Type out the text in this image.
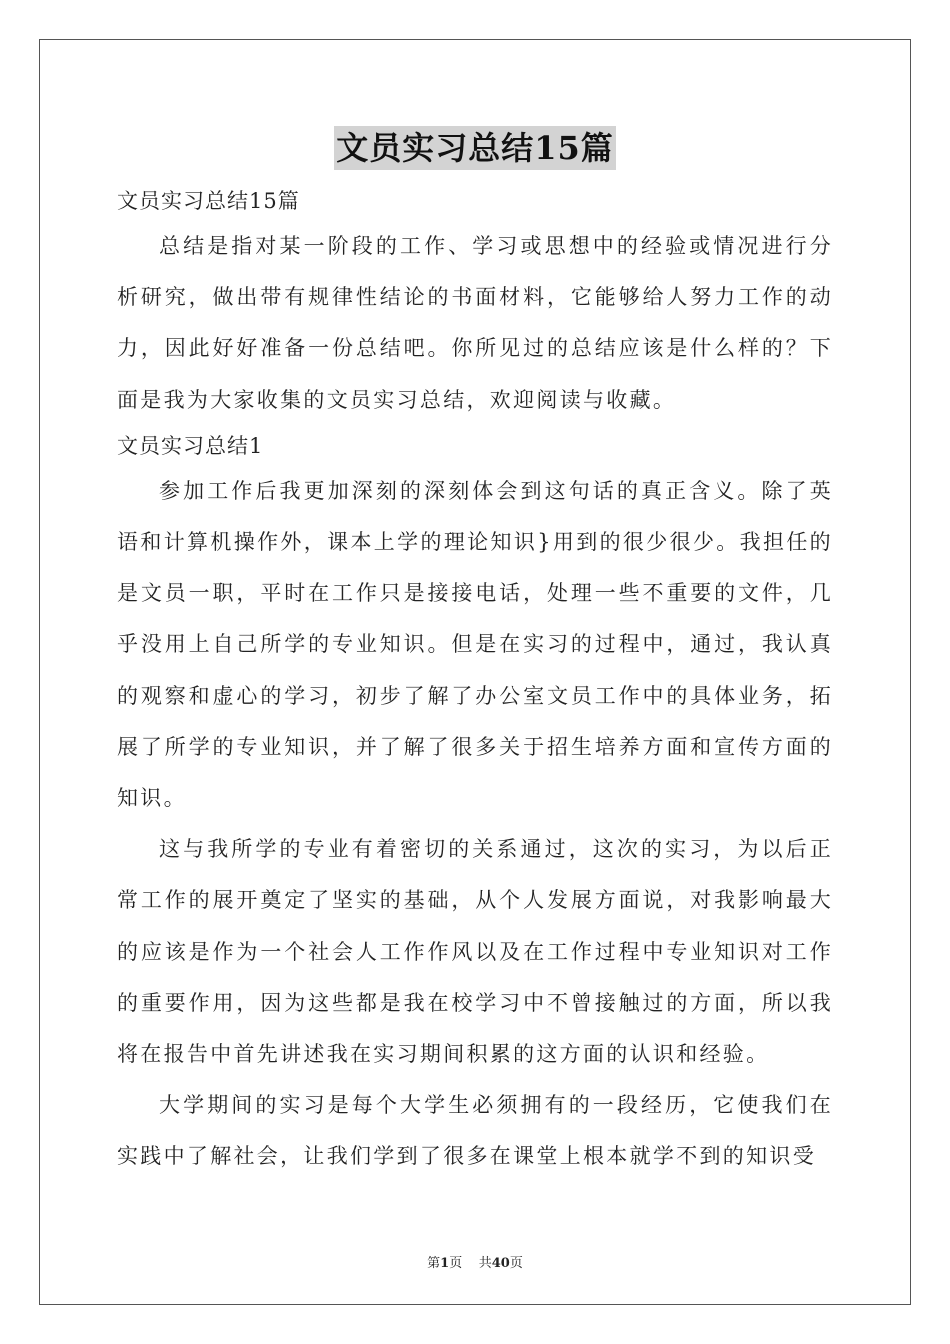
文员实习总结15篇

文员实习总结15篇

总结是指对某一阶段的工作、学习或思想中的经验或情况进行分析研究，做出带有规律性结论的书面材料，它能够给人努力工作的动力，因此好好准备一份总结吧。你所见过的总结应该是什么样的？下面是我为大家收集的文员实习总结，欢迎阅读与收藏。

文员实习总结1

参加工作后我更加深刻的深刻体会到这句话的真正含义。除了英语和计算机操作外，课本上学的理论知识}用到的很少很少。我担任的是文员一职，平时在工作只是接接电话，处理一些不重要的文件，几乎没用上自己所学的专业知识。但是在实习的过程中，通过，我认真的观察和虚心的学习，初步了解了办公室文员工作中的具体业务，拓展了所学的专业知识，并了解了很多关于招生培养方面和宣传方面的知识。

这与我所学的专业有着密切的关系通过，这次的实习，为以后正常工作的展开奠定了坚实的基础，从个人发展方面说，对我影响最大的应该是作为一个社会人工作作风以及在工作过程中专业知识对工作的重要作用，因为这些都是我在校学习中不曾接触过的方面，所以我将在报告中首先讲述我在实习期间积累的这方面的认识和经验。

大学期间的实习是每个大学生必须拥有的一段经历，它使我们在实践中了解社会，让我们学到了很多在课堂上根本就学不到的知识受

第1页 共40页
